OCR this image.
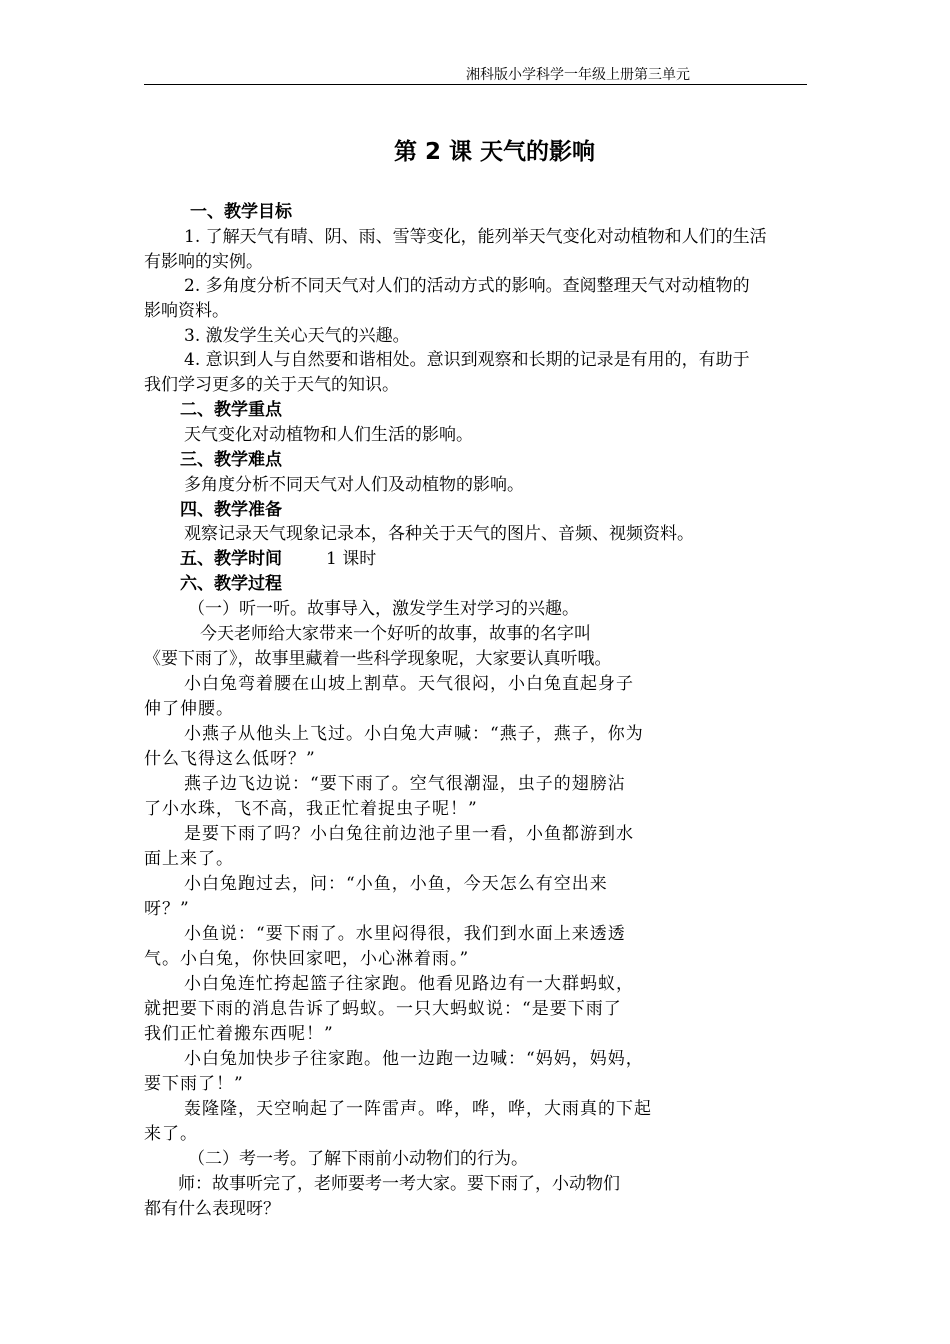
湘科版小学科学一年级上册第三单元
第 2 课 天气的影响
一、教学目标
1. 了解天气有晴、阴、雨、雪等变化，能列举天气变化对动植物和人们的生活
有影响的实例。
2. 多角度分析不同天气对人们的活动方式的影响。查阅整理天气对动植物的
影响资料。
3. 激发学生关心天气的兴趣。
4. 意识到人与自然要和谐相处。意识到观察和长期的记录是有用的，有助于
我们学习更多的关于天气的知识。
二、教学重点
天气变化对动植物和人们生活的影响。
三、教学难点
多角度分析不同天气对人们及动植物的影响。
四、教学准备
观察记录天气现象记录本，各种关于天气的图片、音频、视频资料。
五、教学时间	1 课时
六、教学过程
（一）听一听。故事导入，激发学生对学习的兴趣。
今天老师给大家带来一个好听的故事，故事的名字叫
《要下雨了》，故事里藏着一些科学现象呢，大家要认真听哦。
小白兔弯着腰在山坡上割草。天气很闷，小白兔直起身子
伸了伸腰。
小燕子从他头上飞过。小白兔大声喊：“燕子，燕子，你为
什么飞得这么低呀？”
燕子边飞边说：“要下雨了。空气很潮湿，虫子的翅膀沾
了小水珠，飞不高，我正忙着捉虫子呢！”
是要下雨了吗？小白兔往前边池子里一看，小鱼都游到水
面上来了。
小白兔跑过去，问：“小鱼，小鱼，今天怎么有空出来
呀？”
小鱼说：“要下雨了。水里闷得很，我们到水面上来透透
气。小白兔，你快回家吧，小心淋着雨。”
小白兔连忙挎起篮子往家跑。他看见路边有一大群蚂蚁，
就把要下雨的消息告诉了蚂蚁。一只大蚂蚁说：“是要下雨了
我们正忙着搬东西呢！”
小白兔加快步子往家跑。他一边跑一边喊：“妈妈，妈妈，
要下雨了！”
轰隆隆，天空响起了一阵雷声。哗，哗，哗，大雨真的下起
来了。
（二）考一考。了解下雨前小动物们的行为。
师：故事听完了，老师要考一考大家。要下雨了，小动物们
都有什么表现呀？
